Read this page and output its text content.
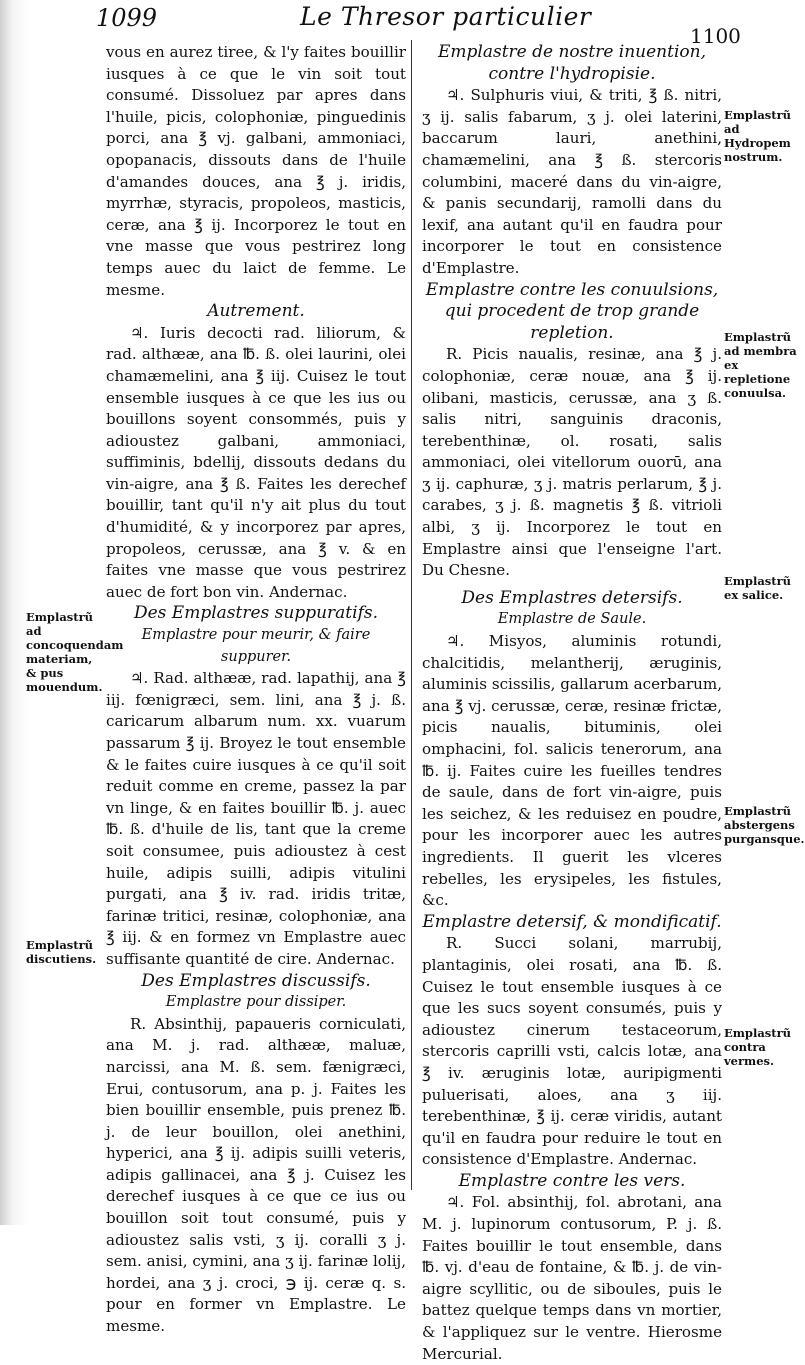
1099	Le Thresor particulier
1100

vous en aurez tiree, & l'y faites bouillir iusques à ce que le vin soit tout consumé. Dissoluez par apres dans l'huile, picis, colophoniæ, pinguedinis porci, ana ℥ vj. galbani, ammoniaci, opopanacis, dissouts dans de l'huile d'amandes douces, ana ℥ j. iridis, myrrhæ, styracis, propoleos, masticis, ceræ, ana ℥ ij. Incorporez le tout en vne masse que vous pestrirez long temps auec du laict de femme. Le mesme.

Autrement.

♃. Iuris decocti rad. liliorum, & rad. althææ, ana ℔. ß. olei laurini, olei chamæmelini, ana ℥ iij. Cuisez le tout ensemble iusques à ce que les ius ou bouillons soyent consommés, puis y adioustez galbani, ammoniaci, suffiminis, bdellij, dissouts dedans du vin-aigre, ana ℥ ß. Faites les derechef bouillir, tant qu'il n'y ait plus du tout d'humidité, & y incorporez par apres, propoleos, cerussæ, ana ℥ v. & en faites vne masse que vous pestrirez auec de fort bon vin. Andernac.

Des Emplastres suppuratifs.

Emplastre pour meurir, & faire suppurer.

♃. Rad. althææ, rad. lapathij, ana ℥ iij. fœnigræci, sem. lini, ana ℥ j. ß. caricarum albarum num. xx. vuarum passarum ℥ ij. Broyez le tout ensemble & le faites cuire iusques à ce qu'il soit reduit comme en creme, passez la par vn linge, & en faites bouillir ℔. j. auec ℔. ß. d'huile de lis, tant que la creme soit consumee, puis adioustez à cest huile, adipis suilli, adipis vitulini purgati, ana ℥ iv. rad. iridis tritæ, farinæ tritici, resinæ, colophoniæ, ana ℥ iij. & en formez vn Emplastre auec suffisante quantité de cire. Andernac.

Des Emplastres discussifs.

Emplastre pour dissiper.

R. Absinthij, papaueris corniculati, ana M. j. rad. althææ, maluæ, narcissi, ana M. ß. sem. fænigræci, Erui, contusorum, ana p. j. Faites les bien bouillir ensemble, puis prenez ℔. j. de leur bouillon, olei anethini, hyperici, ana ℥ ij. adipis suilli veteris, adipis gallinacei, ana ℥ j. Cuisez les derechef iusques à ce que ce ius ou bouillon soit tout consumé, puis y adioustez salis vsti, ʒ ij. coralli ʒ j. sem. anisi, cymini, ana ʒ ij. farinæ lolij, hordei, ana ʒ j. croci, ℈ ij. ceræ q. s. pour en former vn Emplastre. Le mesme.

Emplastre de nostre inuention, contre l'hydropisie.

♃. Sulphuris viui, & triti, ℥ ß. nitri, ʒ ij. salis fabarum, ʒ j. olei laterini, baccarum lauri, anethini, chamæmelini, ana ℥ ß. stercoris columbini, maceré dans du vin-aigre, & panis secundarij, ramolli dans du lexif, ana autant qu'il en faudra pour incorporer le tout en consistence d'Emplastre.

Emplastre contre les conuulsions, qui procedent de trop grande repletion.

R. Picis naualis, resinæ, ana ℥ j. colophoniæ, ceræ nouæ, ana ℥ ij. olibani, masticis, cerussæ, ana ʒ ß. salis nitri, sanguinis draconis, terebenthinæ, ol. rosati, salis ammoniaci, olei vitellorum ouorū, ana ʒ ij. caphuræ, ʒ j. matris perlarum, ℥ j. carabes, ʒ j. ß. magnetis ℥ ß. vitrioli albi, ʒ ij. Incorporez le tout en Emplastre ainsi que l'enseigne l'art. Du Chesne.

Des Emplastres detersifs.

Emplastre de Saule.

♃. Misyos, aluminis rotundi, chalcitidis, melantherij, æruginis, aluminis scissilis, gallarum acerbarum, ana ℥ vj. cerussæ, ceræ, resinæ frictæ, picis naualis, bituminis, olei omphacini, fol. salicis tenerorum, ana ℔. ij. Faites cuire les fueilles tendres de saule, dans de fort vin-aigre, puis les seichez, & les reduisez en poudre, pour les incorporer auec les autres ingredients. Il guerit les vlceres rebelles, les erysipeles, les fistules, &c.

Emplastre detersif, & mondificatif.

R. Succi solani, marrubij, plantaginis, olei rosati, ana ℔. ß. Cuisez le tout ensemble iusques à ce que les sucs soyent consumés, puis y adioustez cinerum testaceorum, stercoris caprilli vsti, calcis lotæ, ana ℥ iv. æruginis lotæ, auripigmenti puluerisati, aloes, ana ʒ iij. terebenthinæ, ℥ ij. ceræ viridis, autant qu'il en faudra pour reduire le tout en consistence d'Emplastre. Andernac.

Emplastre contre les vers.

♃. Fol. absinthij, fol. abrotani, ana M. j. lupinorum contusorum, P. j. ß. Faites bouillir le tout ensemble, dans ℔. vj. d'eau de fontaine, & ℔. j. de vin-aigre scyllitic, ou de siboules, puis le battez quelque temps dans vn mortier, & l'appliquez sur le ventre. Hierosme Mercurial.

Emplastrũ ad concoquendam materiam, & pus mouendum.
Emplastrũ discutiens.
Emplastrũ ad Hydropem nostrum.
Emplastrũ ad membra ex repletione conuulsa.
Emplastrũ ex salice.
Emplastrũ abstergens purgansque.
Emplastrũ contra vermes.
